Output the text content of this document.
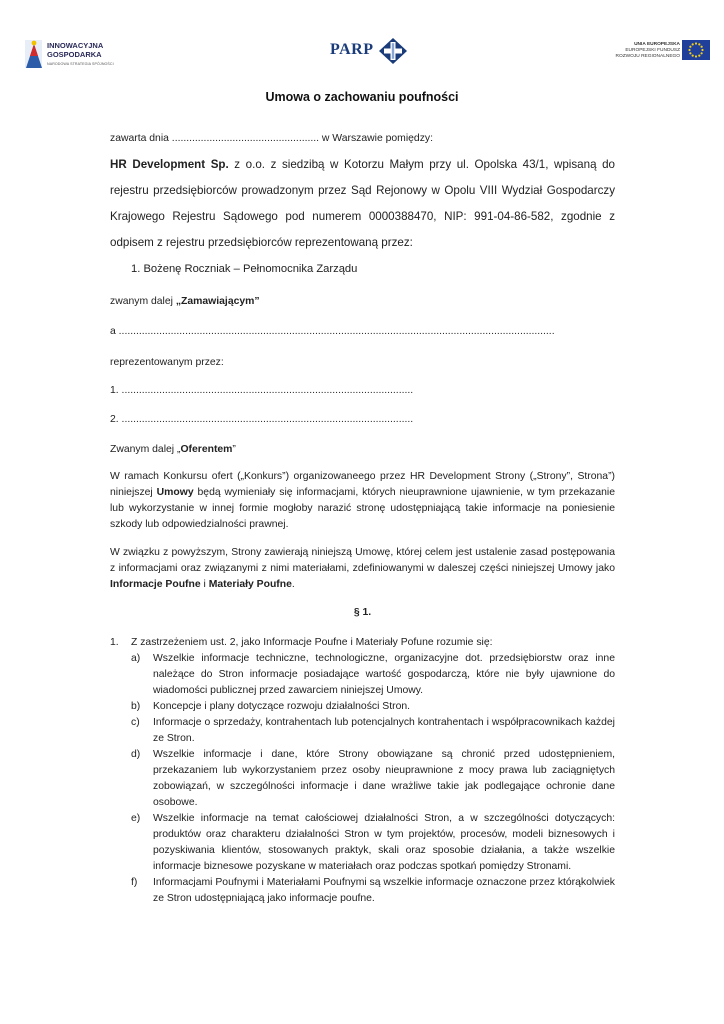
INNOWACYJNA
GOSPODARKA
NARODOWA STRATEGIA SPÓJNOŚCI
PARP	UNIA EUROPEJSKA
EUROPEJSKI FUNDUSZ
ROZWOJU REGIONALNEGO
Umowa o zachowaniu poufności
zawarta dnia ................................................... w Warszawie pomiędzy:
HR Development Sp. z o.o. z siedzibą w Kotorzu Małym przy ul. Opolska 43/1, wpisaną do rejestru przedsiębiorców prowadzonym przez Sąd Rejonowy w Opolu VIII Wydział Gospodarczy Krajowego Rejestru Sądowego pod numerem 0000388470, NIP: 991-04-86-582, zgodnie z odpisem z rejestru przedsiębiorców reprezentowaną przez:
1. Bożenę Roczniak – Pełnomocnika Zarządu
zwanym dalej „Zamawiającym”
a .......................................................................................................................................................
reprezentowanym przez:
1. .....................................................................................................
2. .....................................................................................................
Zwanym dalej „Oferentem”
W ramach Konkursu ofert („Konkurs”) organizowaneego przez HR Development Strony („Strony”, Strona”) niniejszej Umowy będą wymieniały się informacjami, których nieuprawnione ujawnienie, w tym przekazanie lub wykorzystanie w innej formie mogłoby narazić stronę udostępniającą takie informacje na poniesienie szkody lub odpowiedzialności prawnej.
W związku z powyższym, Strony zawierają niniejszą Umowę, której celem jest ustalenie zasad postępowania z informacjami oraz związanymi z nimi materiałami, zdefiniowanymi w daleszej części niniejszej Umowy jako Informacje Poufne i Materiały Poufne.
§ 1.
1.	Z zastrzeżeniem ust. 2, jako Informacje Poufne i Materiały Pofune rozumie się:
a) Wszelkie informacje techniczne, technologiczne, organizacyjne dot. przedsiębiorstw oraz inne należące do Stron informacje posiadające wartość gospodarczą, które nie były ujawnione do wiadomości publicznej przed zawarciem niniejszej Umowy.
b) Koncepcje i plany dotyczące rozwoju działalności Stron.
c) Informacje o sprzedaży, kontrahentach lub potencjalnych kontrahentach i współpracownikach każdej ze Stron.
d) Wszelkie informacje i dane, które Strony obowiązane są chronić przed udostępnieniem, przekazaniem lub wykorzystaniem przez osoby nieuprawnione z mocy prawa lub zaciągniętych zobowiązań, w szczególności informacje i dane wrażliwe takie jak podlegające ochronie dane osobowe.
e) Wszelkie informacje na temat całościowej działalności Stron, a w szczególności dotyczących: produktów oraz charakteru działalności Stron w tym projektów, procesów, modeli biznesowych i pozyskiwania klientów, stosowanych praktyk, skali oraz sposobie działania, a także wszelkie informacje biznesowe pozyskane w materiałach oraz podczas spotkań pomiędzy Stronami.
f) Informacjami Poufnymi i Materiałami Poufnymi są wszelkie informacje oznaczone przez którąkolwiek ze Stron udostępniającą jako informacje poufne.
